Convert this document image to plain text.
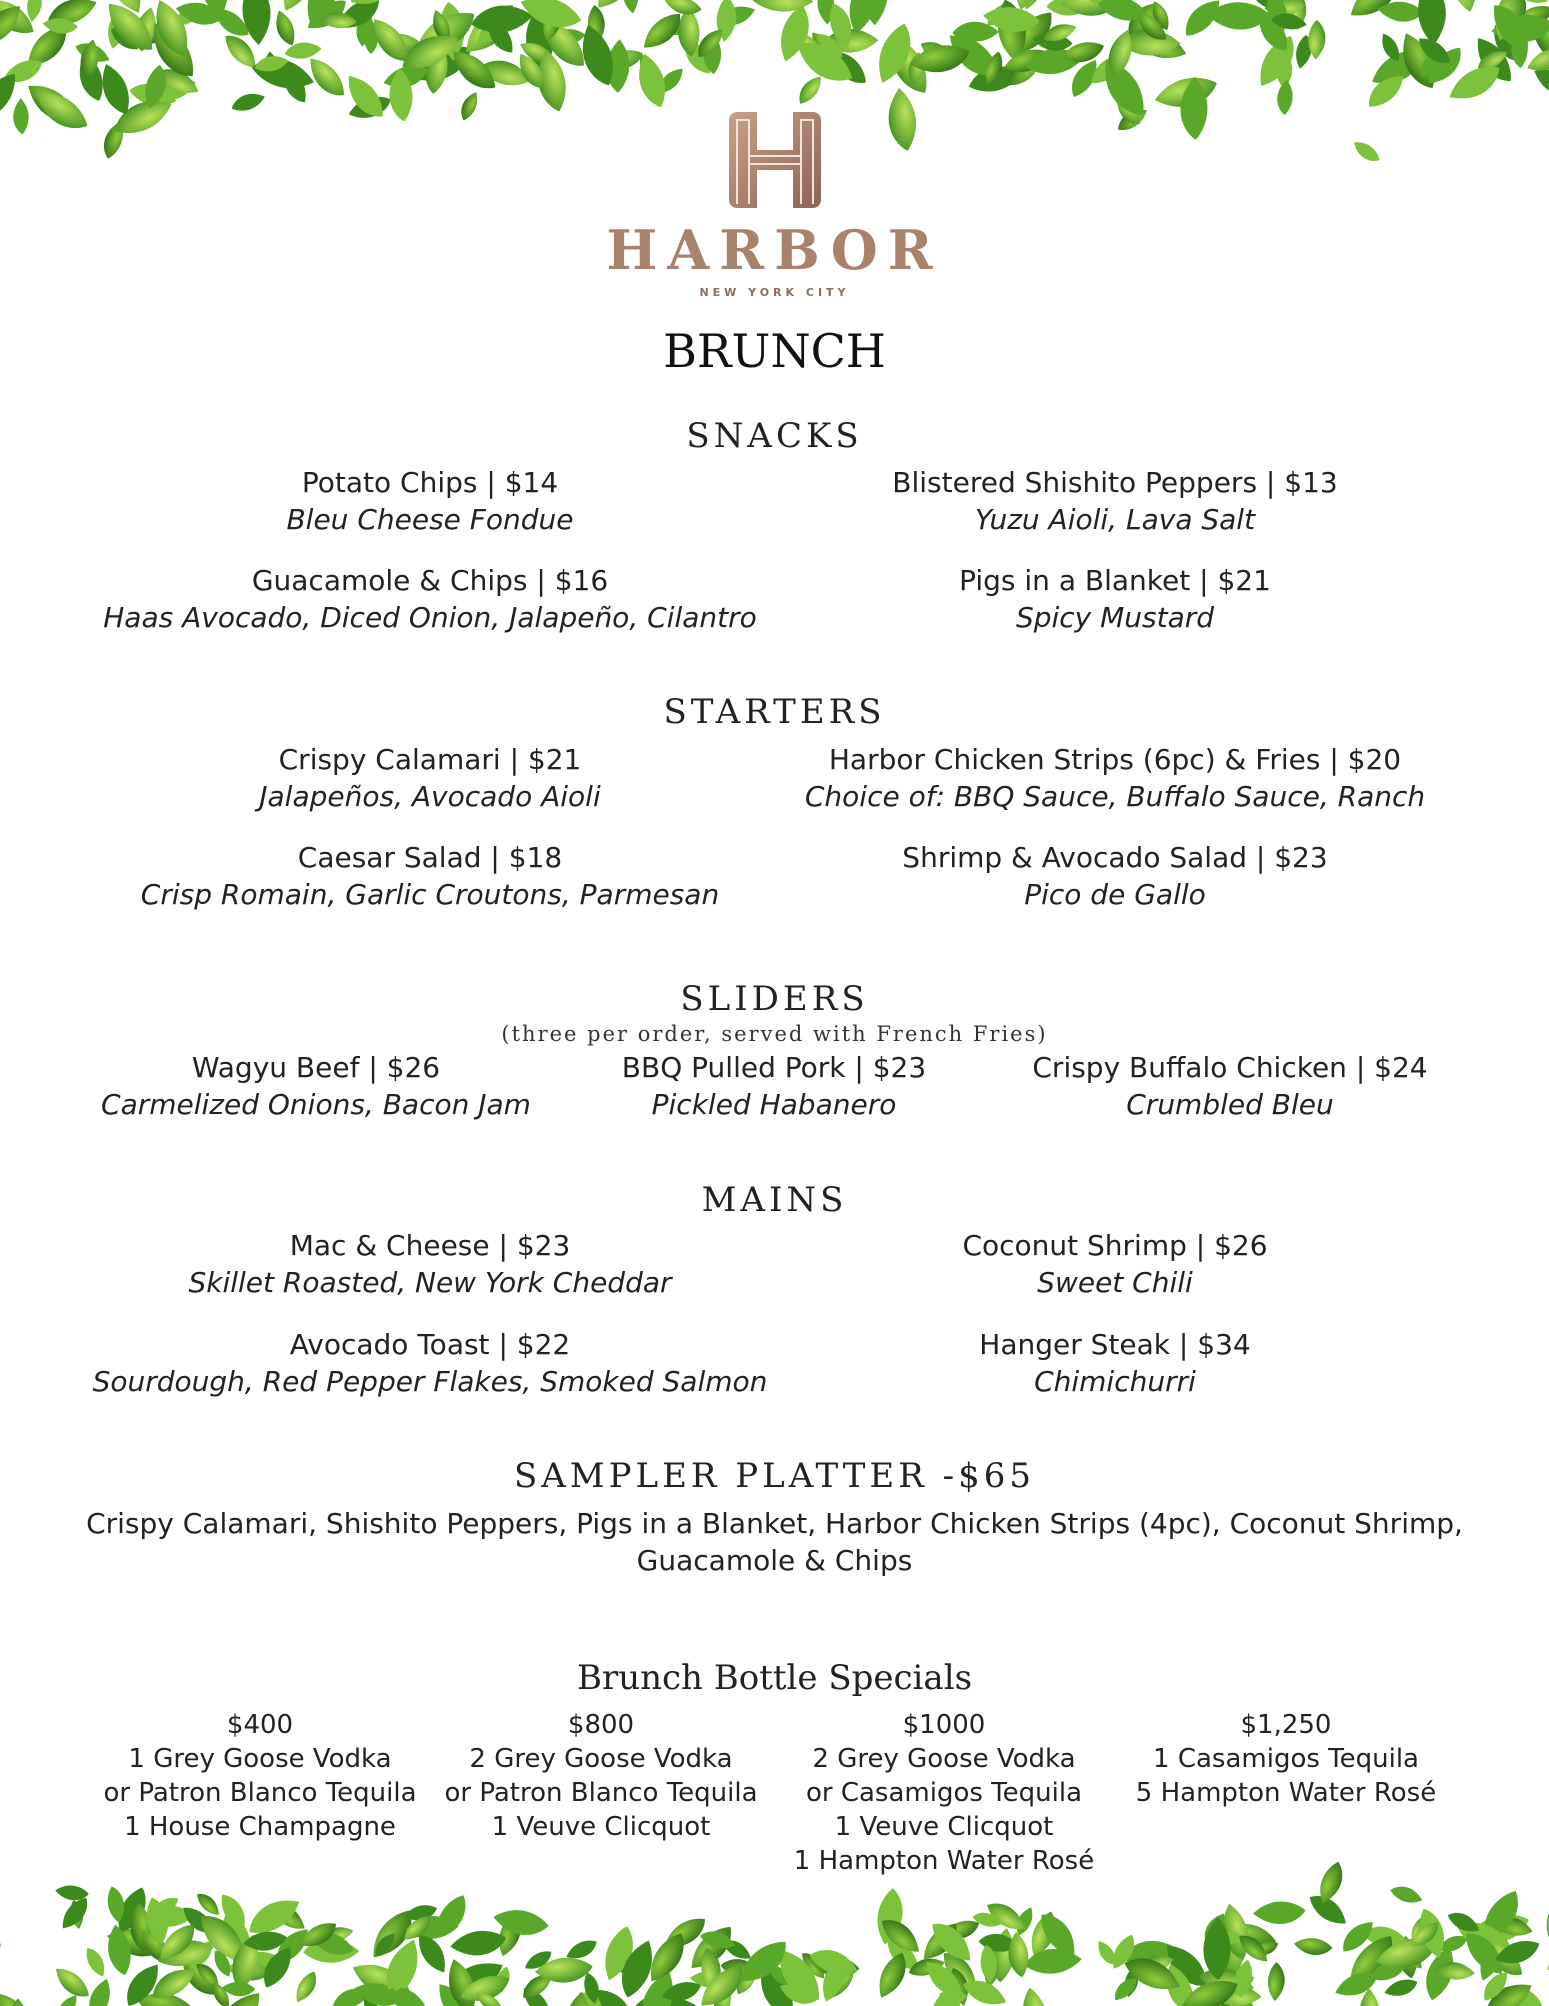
HARBOR
NEW YORK CITY
BRUNCH
SNACKS
Potato Chips | $14
Bleu Cheese Fondue
Blistered Shishito Peppers | $13
Yuzu Aioli, Lava Salt
Guacamole & Chips | $16
Haas Avocado, Diced Onion, Jalapeño, Cilantro
Pigs in a Blanket | $21
Spicy Mustard
STARTERS
Crispy Calamari | $21
Jalapeños, Avocado Aioli
Harbor Chicken Strips (6pc) & Fries | $20
Choice of: BBQ Sauce, Buffalo Sauce, Ranch
Caesar Salad | $18
Crisp Romain, Garlic Croutons, Parmesan
Shrimp & Avocado Salad | $23
Pico de Gallo
SLIDERS
(three per order, served with French Fries)
Wagyu Beef | $26
Carmelized Onions, Bacon Jam
BBQ Pulled Pork | $23
Pickled Habanero
Crispy Buffalo Chicken | $24
Crumbled Bleu
MAINS
Mac & Cheese | $23
Skillet Roasted, New York Cheddar
Coconut Shrimp | $26
Sweet Chili
Avocado Toast | $22
Sourdough, Red Pepper Flakes, Smoked Salmon
Hanger Steak | $34
Chimichurri
SAMPLER PLATTER -$65
Crispy Calamari, Shishito Peppers, Pigs in a Blanket, Harbor Chicken Strips (4pc), Coconut Shrimp,
Guacamole & Chips
Brunch Bottle Specials
$400
1 Grey Goose Vodka
or Patron Blanco Tequila
1 House Champagne
$800
2 Grey Goose Vodka
or Patron Blanco Tequila
1 Veuve Clicquot
$1000
2 Grey Goose Vodka
or Casamigos Tequila
1 Veuve Clicquot
1 Hampton Water Rosé
$1,250
1 Casamigos Tequila
5 Hampton Water Rosé
